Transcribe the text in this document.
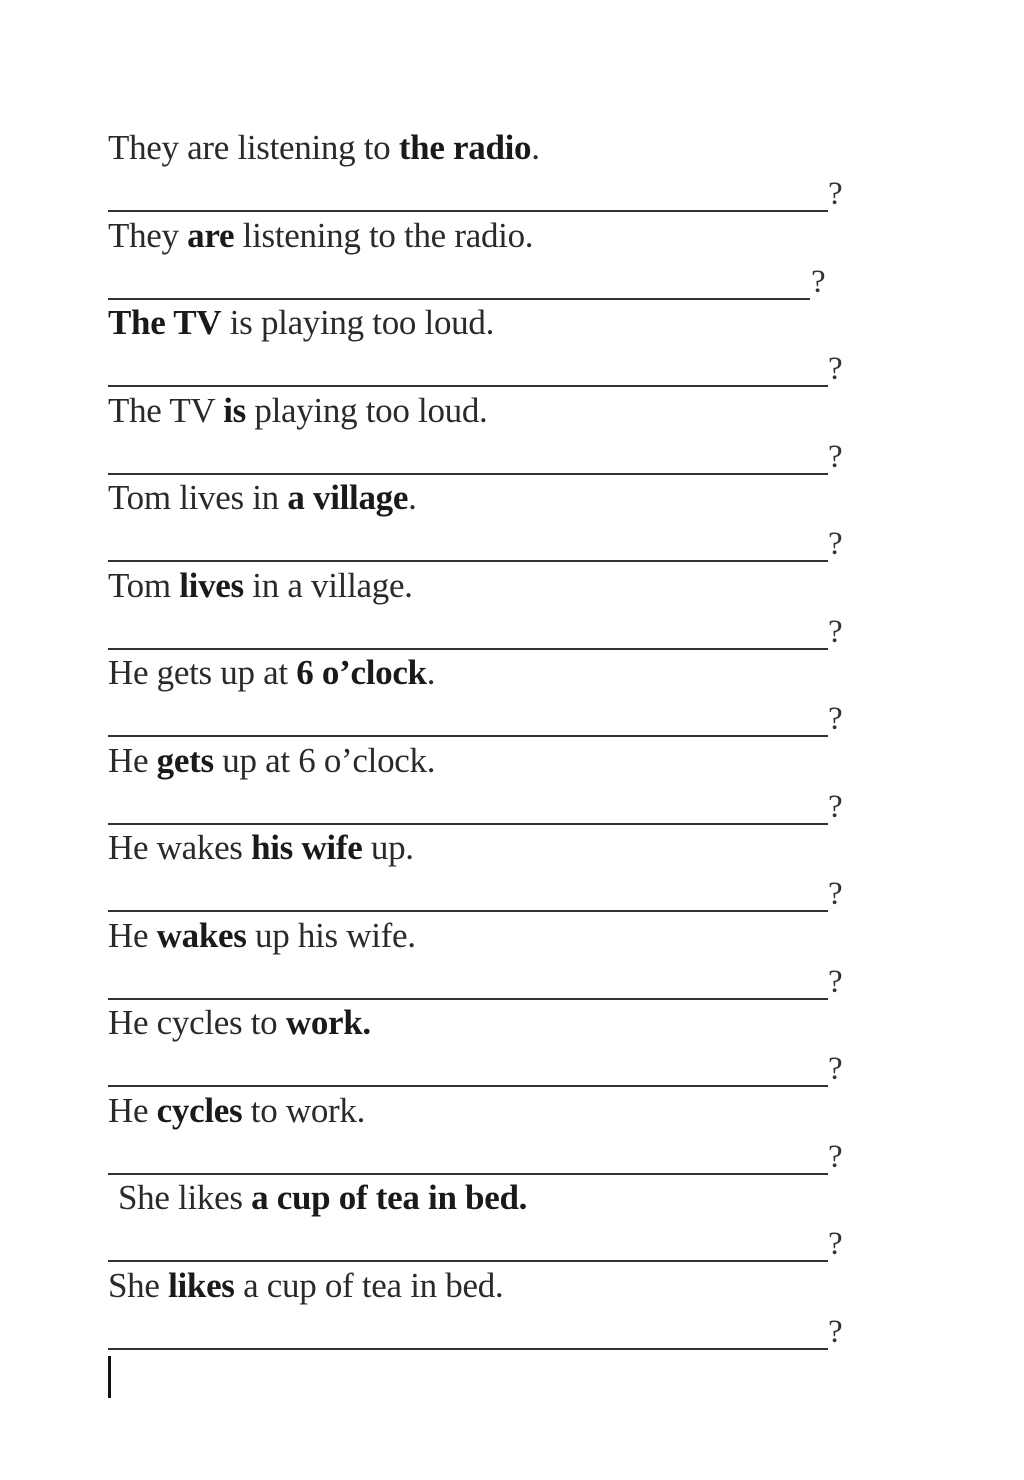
They are listening to the radio.
?
They are listening to the radio.
?
The TV is playing too loud.
?
The TV is playing too loud.
?
Tom lives in a village.
?
Tom lives in a village.
?
He gets up at 6 o’clock.
?
He gets up at 6 o’clock.
?
He wakes his wife up.
?
He wakes up his wife.
?
He cycles to work.
?
He cycles to work.
?
She likes a cup of tea in bed.
?
She likes a cup of tea in bed.
?
